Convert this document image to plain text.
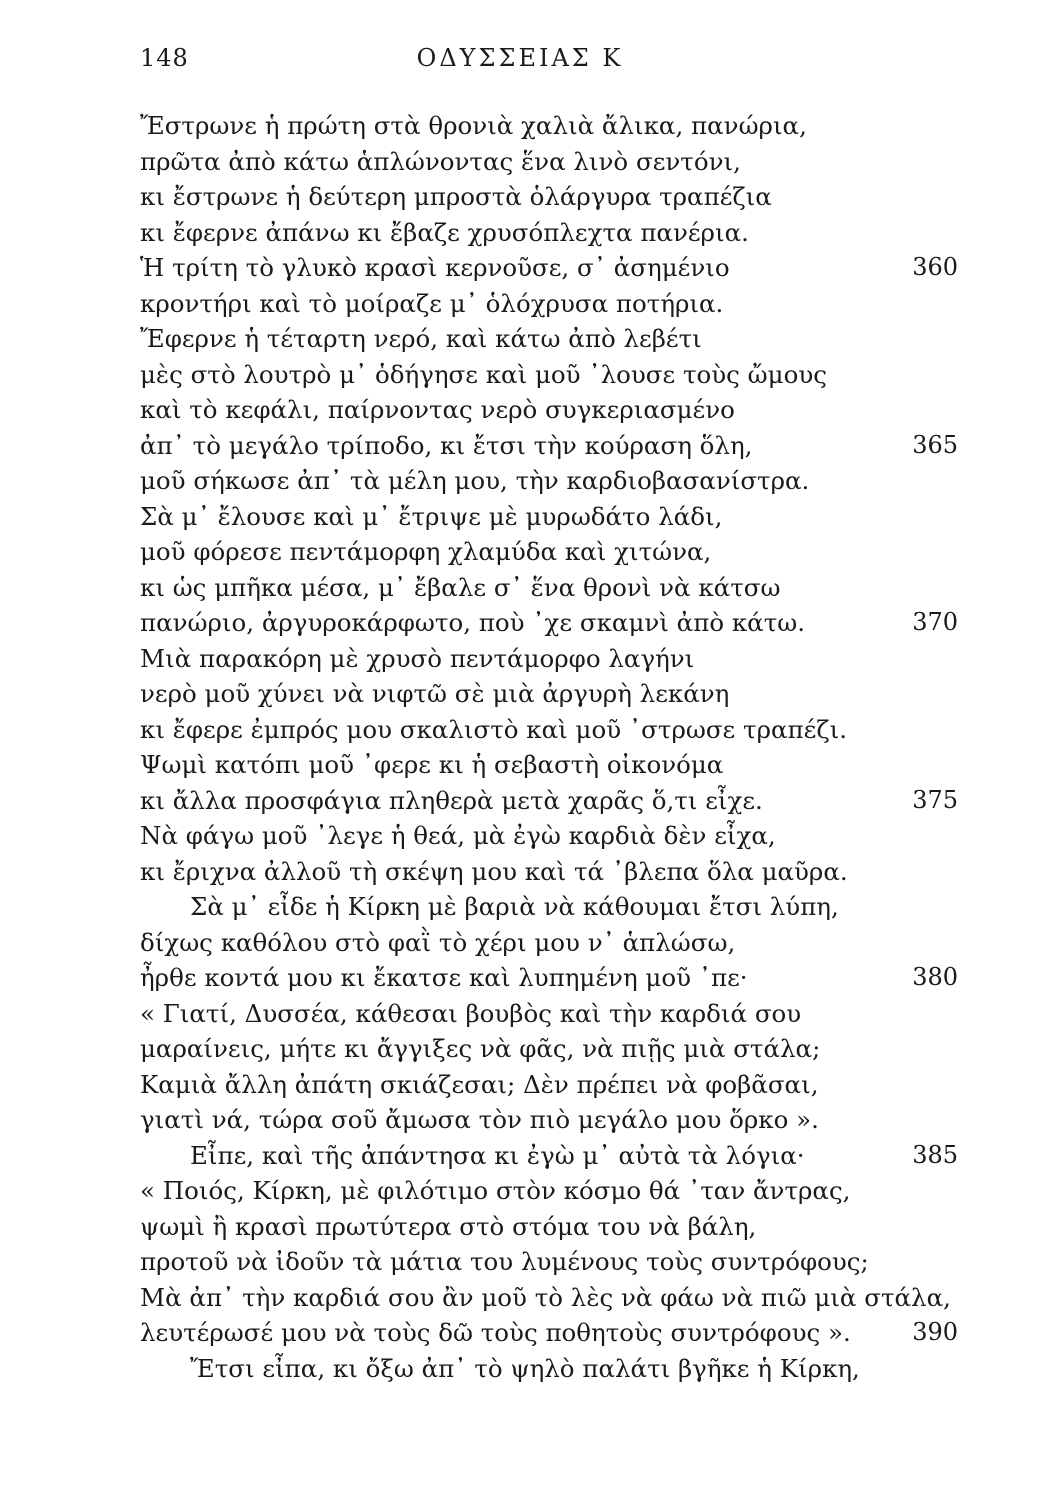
148	ΟΔΥΣΣΕΙΑΣ Κ
Ἔστρωνε ἡ πρώτη στὰ θρονιὰ χαλιὰ ἄλικα, πανώρια,
πρῶτα ἀπὸ κάτω ἁπλώνοντας ἕνα λινὸ σεντόνι,
κι ἔστρωνε ἡ δεύτερη μπροστὰ ὁλάργυρα τραπέζια
κι ἔφερνε ἀπάνω κι ἔβαζε χρυσόπλεχτα πανέρια.
Ἡ τρίτη τὸ γλυκὸ κρασὶ κερνοῦσε, σ᾽ ἀσημένιο	360
κροντήρι καὶ τὸ μοίραζε μ᾽ ὁλόχρυσα ποτήρια.
Ἔφερνε ἡ τέταρτη νερό, καὶ κάτω ἀπὸ λεβέτι
μὲς στὸ λουτρὸ μ᾽ ὁδήγησε καὶ μοῦ ᾽λουσε τοὺς ὤμους
καὶ τὸ κεφάλι, παίρνοντας νερὸ συγκεριασμένο
ἀπ᾽ τὸ μεγάλο τρίποδο, κι ἔτσι τὴν κούραση ὅλη,	365
μοῦ σήκωσε ἀπ᾽ τὰ μέλη μου, τὴν καρδιοβασανίστρα.
Σὰ μ᾽ ἔλουσε καὶ μ᾽ ἔτριψε μὲ μυρωδάτο λάδι,
μοῦ φόρεσε πεντάμορφη χλαμύδα καὶ χιτώνα,
κι ὡς μπῆκα μέσα, μ᾽ ἔβαλε σ᾽ ἕνα θρονὶ νὰ κάτσω
πανώριο, ἀργυροκάρφωτο, ποὺ ᾽χε σκαμνὶ ἀπὸ κάτω.	370
Μιὰ παρακόρη μὲ χρυσὸ πεντάμορφο λαγήνι
νερὸ μοῦ χύνει νὰ νιφτῶ σὲ μιὰ ἀργυρὴ λεκάνη
κι ἔφερε ἐμπρός μου σκαλιστὸ καὶ μοῦ ᾽στρωσε τραπέζι.
Ψωμὶ κατόπι μοῦ ᾽φερε κι ἡ σεβαστὴ οἰκονόμα
κι ἄλλα προσφάγια πληθερὰ μετὰ χαρᾶς ὅ,τι εἶχε.	375
Νὰ φάγω μοῦ ᾽λεγε ἡ θεά, μὰ ἐγὼ καρδιὰ δὲν εἶχα,
κι ἔριχνα ἀλλοῦ τὴ σκέψη μου καὶ τά ᾽βλεπα ὅλα μαῦρα.
Σὰ μ᾽ εἶδε ἡ Κίρκη μὲ βαριὰ νὰ κάθουμαι ἔτσι λύπη,
δίχως καθόλου στὸ φαῒ τὸ χέρι μου ν᾽ ἁπλώσω,
ἦρθε κοντά μου κι ἔκατσε καὶ λυπημένη μοῦ ᾽πε·	380
« Γιατί, Δυσσέα, κάθεσαι βουβὸς καὶ τὴν καρδιά σου
μαραίνεις, μήτε κι ἄγγιξες νὰ φᾶς, νὰ πιῇς μιὰ στάλα;
Καμιὰ ἄλλη ἀπάτη σκιάζεσαι; Δὲν πρέπει νὰ φοβᾶσαι,
γιατὶ νά, τώρα σοῦ ἄμωσα τὸν πιὸ μεγάλο μου ὅρκο ».
Εἶπε, καὶ τῆς ἀπάντησα κι ἐγὼ μ᾽ αὐτὰ τὰ λόγια·	385
« Ποιός, Κίρκη, μὲ φιλότιμο στὸν κόσμο θά ᾽ταν ἄντρας,
ψωμὶ ἢ κρασὶ πρωτύτερα στὸ στόμα του νὰ βάλη,
προτοῦ νὰ ἰδοῦν τὰ μάτια του λυμένους τοὺς συντρόφους;
Μὰ ἀπ᾽ τὴν καρδιά σου ἂν μοῦ τὸ λὲς νὰ φάω νὰ πιῶ μιὰ στάλα,
λευτέρωσέ μου νὰ τοὺς δῶ τοὺς ποθητοὺς συντρόφους ».	390
Ἔτσι εἶπα, κι ὄξω ἀπ᾽ τὸ ψηλὸ παλάτι βγῆκε ἡ Κίρκη,
